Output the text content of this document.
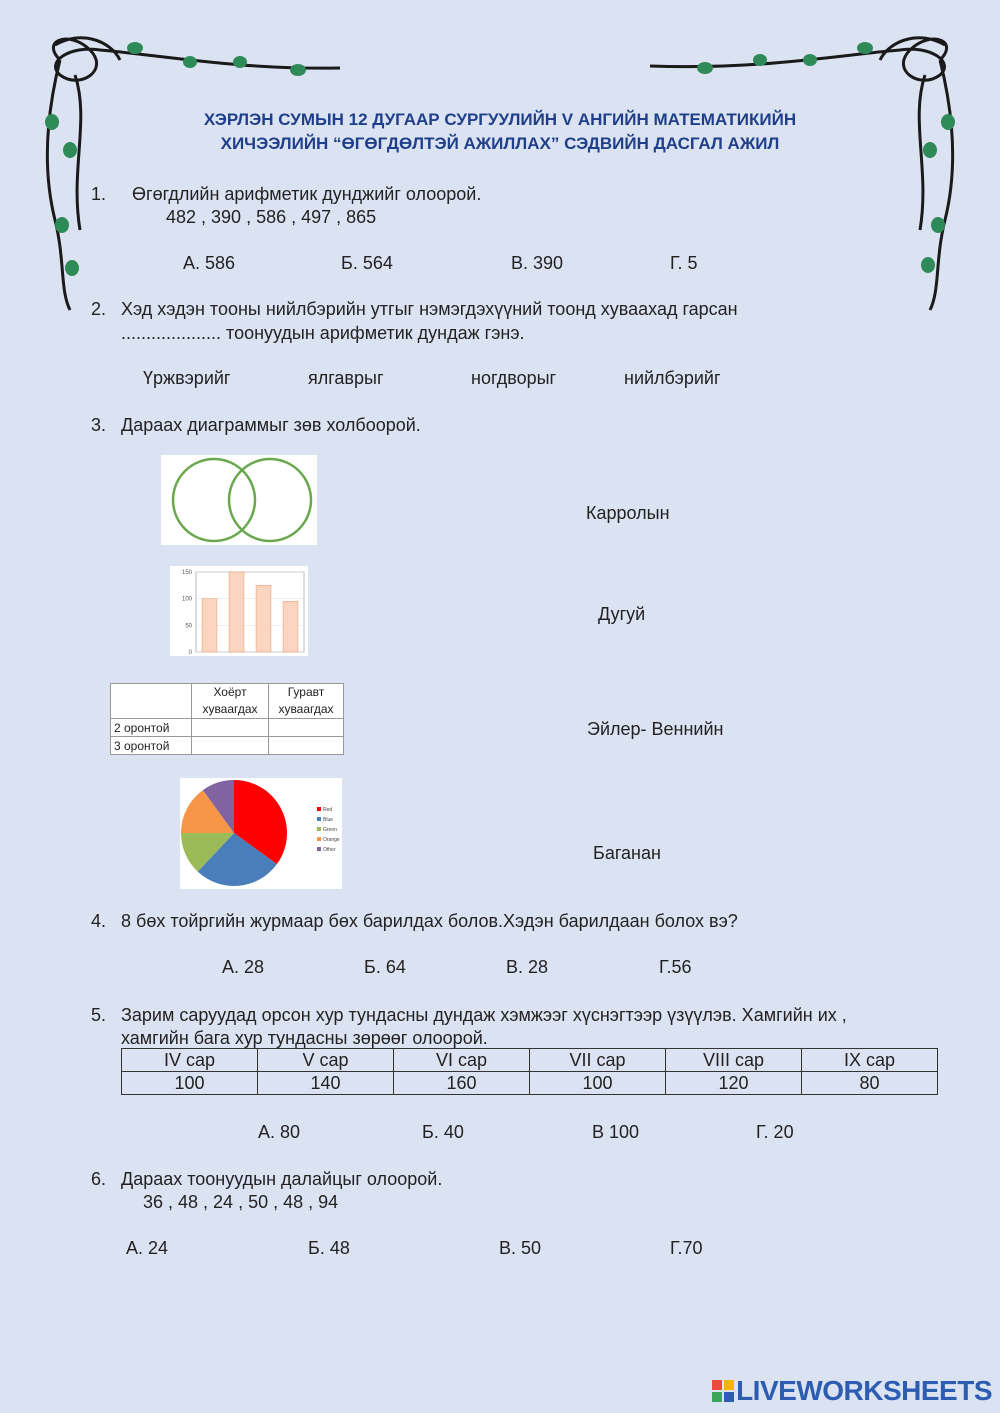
ХЭРЛЭН СУМЫН 12 ДУГААР СУРГУУЛИЙН V АНГИЙН МАТЕМАТИКИЙН
ХИЧЭЭЛИЙН “ӨГӨГДӨЛТЭЙ АЖИЛЛАХ” СЭДВИЙН ДАСГАЛ АЖИЛ
1. Өгөгдлийн арифметик дунджийг олоорой.
482 , 390 , 586 , 497 , 865
А. 586	Б. 564	В. 390	Г. 5
2. Хэд хэдэн тооны нийлбэрийн утгыг нэмэгдэхүүний тоонд хуваахад гарсан
.................... тоонуудын арифметик дундаж гэнэ.
Үржвэрийг	ялгаврыг	ногдворыг	нийлбэрийг
3. Дараах диаграммыг зөв холбоорой.
0
50
100
150
	Хоёрт хуваагдах	Гуравт хуваагдах
2 оронтой		
3 оронтой		
Red
Blue
Green
Orange
Other
Карролын
Дугуй
Эйлер- Веннийн
Баганан
4. 8 бөх тойргийн журмаар бөх барилдах болов.Хэдэн барилдаан болох вэ?
А. 28	Б. 64	В. 28	Г.56
5. Зарим саруудад орсон хур тундасны дундаж хэмжээг хүснэгтээр үзүүлэв. Хамгийн их ,
хамгийн бага хур тундасны зөрөөг олоорой.
IV сар	V сар	VI сар	VII сар	VIII сар	IX сар
100	140	160	100	120	80
А. 80	Б. 40	В 100	Г. 20
6. Дараах тоонуудын далайцыг олоорой.
36 , 48 , 24 , 50 , 48 , 94
А. 24	Б. 48	В. 50	Г.70
LIVEWORKSHEETS
